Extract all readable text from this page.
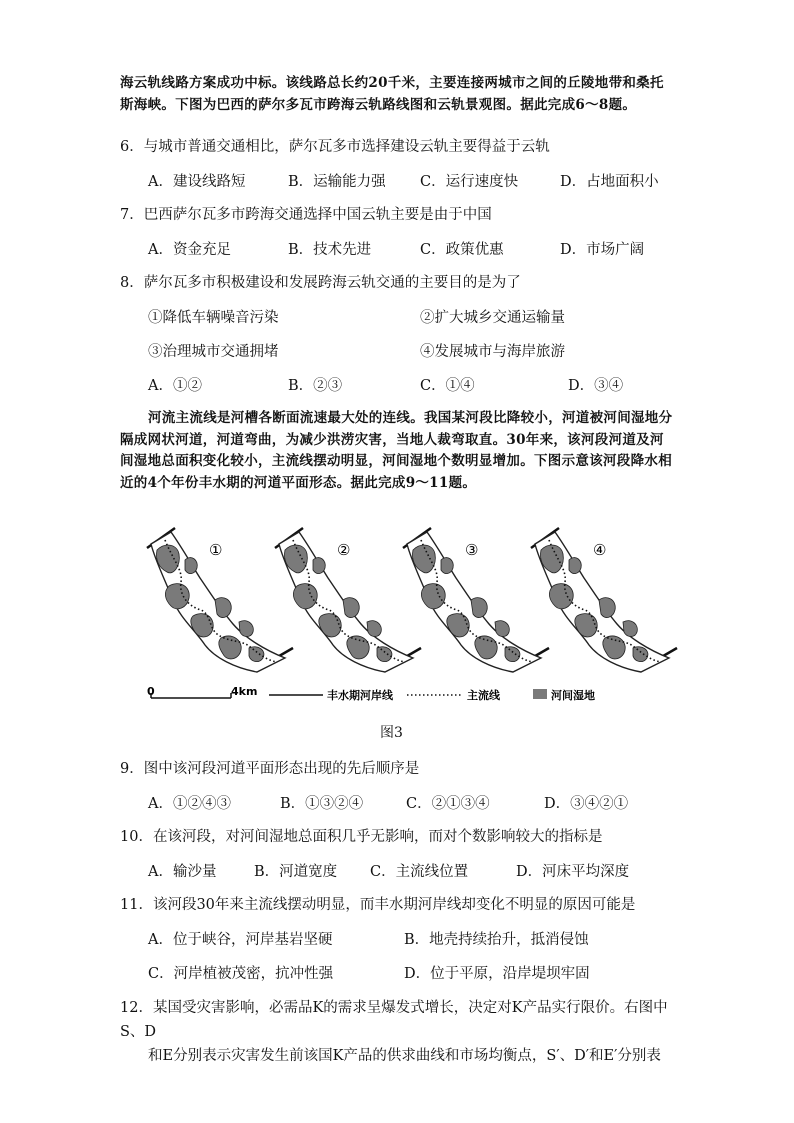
海云轨线路方案成功中标。该线路总长约20千米，主要连接两城市之间的丘陵地带和桑托
斯海峡。下图为巴西的萨尔多瓦市跨海云轨路线图和云轨景观图。据此完成6～8题。
6．与城市普通交通相比，萨尔瓦多市选择建设云轨主要得益于云轨
A．建设线路短	B．运输能力强 C．运行速度快	D．占地面积小
7．巴西萨尔瓦多市跨海交通选择中国云轨主要是由于中国
A．资金充足	B．技术先进	C．政策优惠	D．市场广阔
8．萨尔瓦多市积极建设和发展跨海云轨交通的主要目的是为了
①降低车辆噪音污染	②扩大城乡交通运输量
③治理城市交通拥堵	④发展城市与海岸旅游
A．①②	B．②③	C．①④	D．③④
河流主流线是河槽各断面流速最大处的连线。我国某河段比降较小，河道被河间湿地分
隔成网状河道，河道弯曲，为减少洪涝灾害，当地人裁弯取直。30年来，该河段河道及河
间湿地总面积变化较小，主流线摆动明显，河间湿地个数明显增加。下图示意该河段降水相
近的4个年份丰水期的河道平面形态。据此完成9～11题。
①	②	③	④
0	4km	丰水期河岸线	主流线	河间湿地
图3
9．图中该河段河道平面形态出现的先后顺序是
A．①②④③	B．①③②④	C．②①③④	D．③④②①
10．在该河段，对河间湿地总面积几乎无影响，而对个数影响较大的指标是
A．输沙量	B．河道宽度 C．主流线位置	D．河床平均深度
11．该河段30年来主流线摆动明显，而丰水期河岸线却变化不明显的原因可能是
A．位于峡谷，河岸基岩坚硬	B．地壳持续抬升，抵消侵蚀
C．河岸植被茂密，抗冲性强	D．位于平原，沿岸堤坝牢固
12．某国受灾害影响，必需品K的需求呈爆发式增长，决定对K产品实行限价。右图中S、D
和E分别表示灾害发生前该国K产品的供求曲线和市场均衡点，S′、D′和E′分别表
